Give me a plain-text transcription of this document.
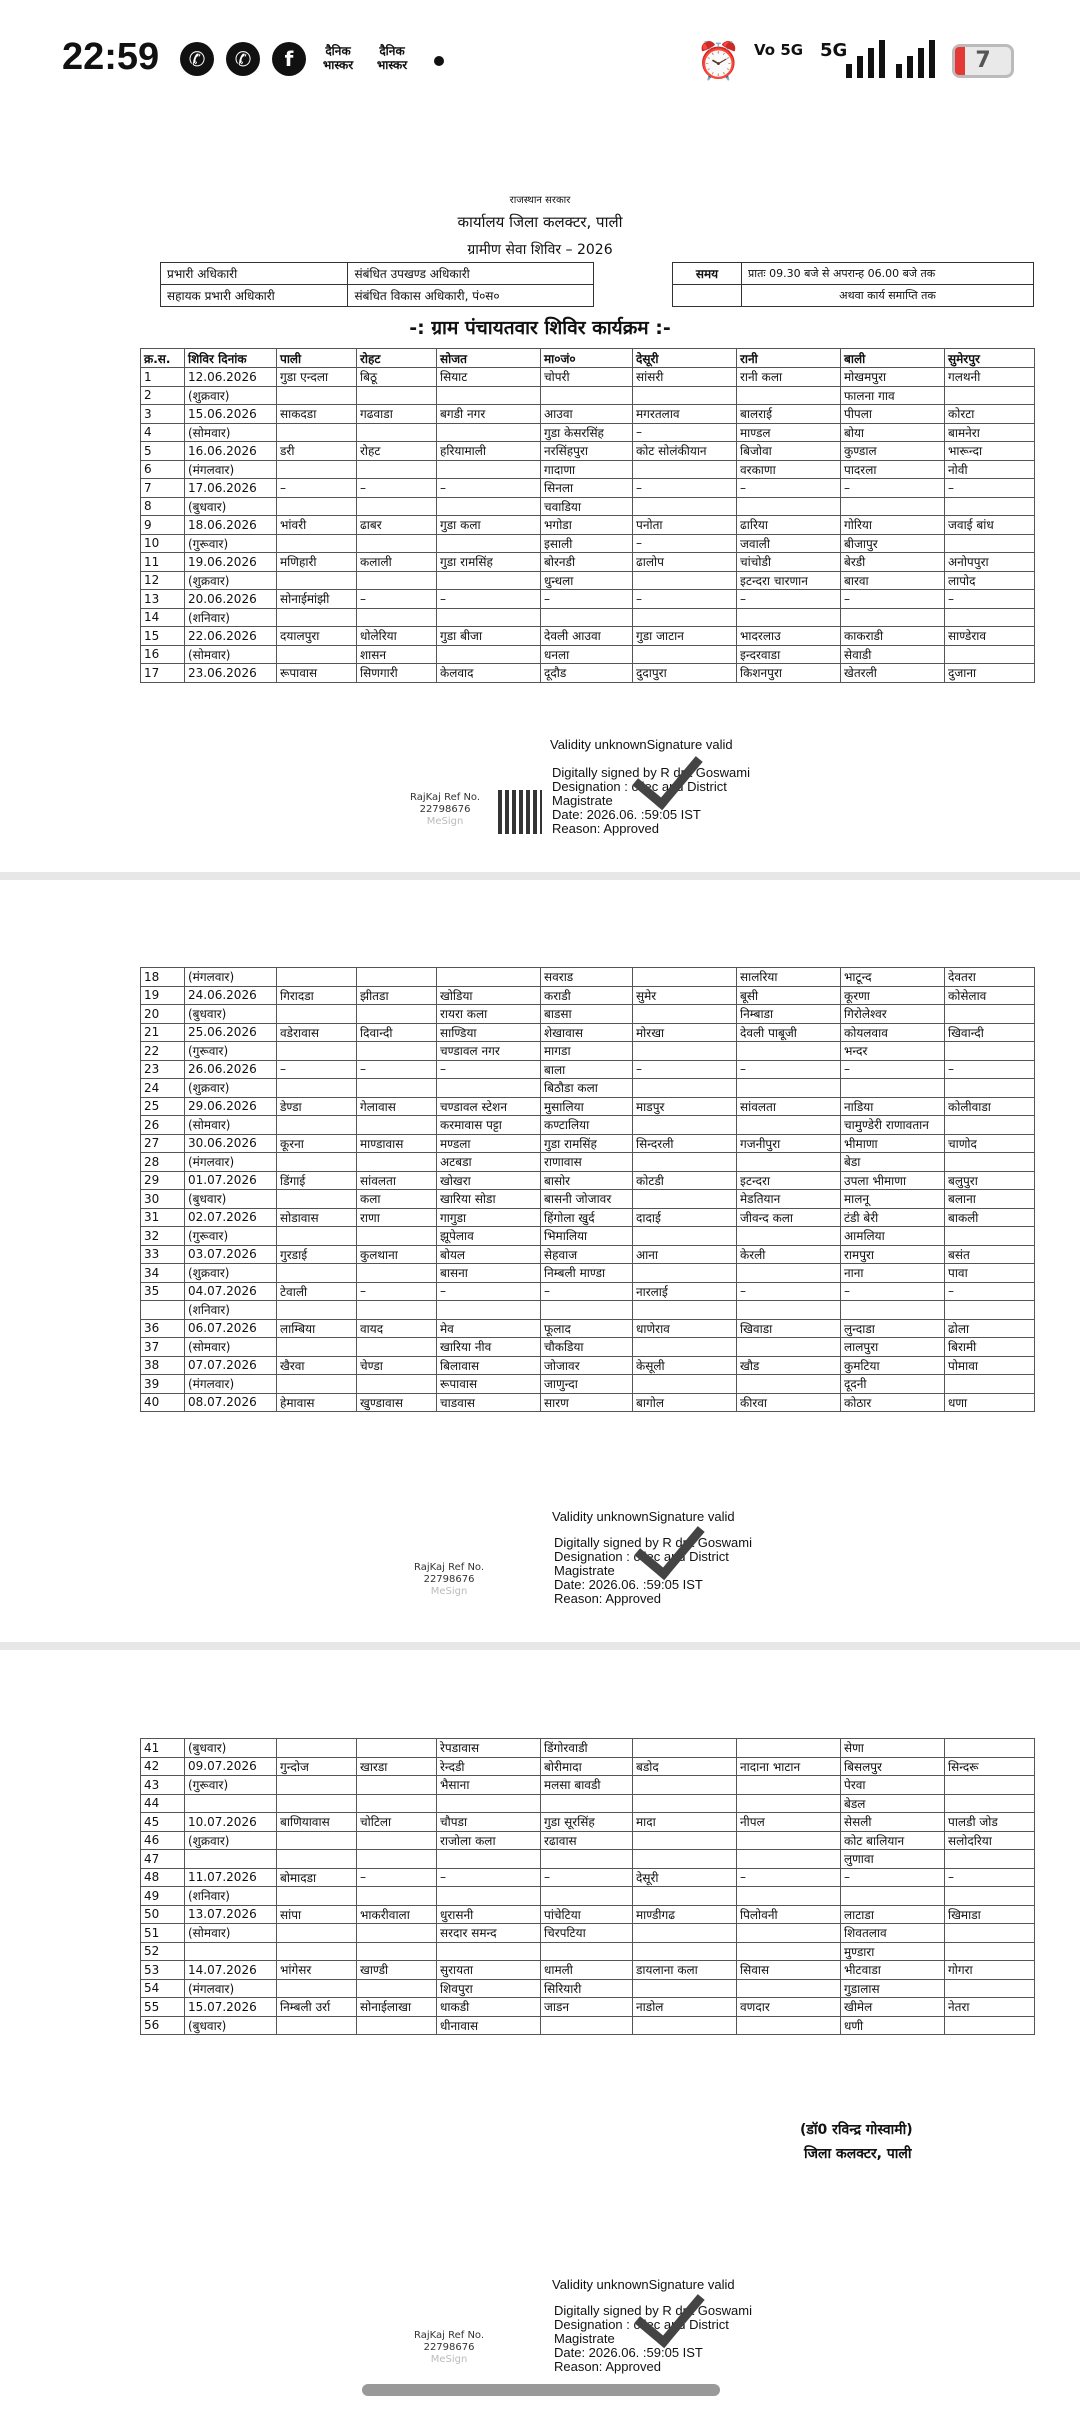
22:59	✆	✆	f	दैनिक भास्कर
दैनिक भास्कर	⏰ Vo 5G 5G	7
राजस्थान सरकार
कार्यालय जिला कलक्टर, पाली
ग्रामीण सेवा शिविर – 2026
प्रभारी अधिकारी	संबंधित उपखण्ड अधिकारी
सहायक प्रभारी अधिकारी	संबंधित विकास अधिकारी, पं०स०
समय	प्रातः 09.30 बजे से अपरान्ह 06.00 बजे तक
	अथवा कार्य समाप्ति तक
-: ग्राम पंचायतवार शिविर कार्यक्रम :-
क्र.स.	शिविर दिनांक	पाली	रोहट	सोजत	मा०जं०	देसूरी	रानी	बाली	सुमेरपुर
1	12.06.2026	गुडा एन्दला	बिठू	सियाट	चोपरी	सांसरी	रानी कला	मोखमपुरा	गलथनी
2	(शुक्रवार)							फालना गाव	
3	15.06.2026	साकदडा	गढवाडा	बगडी नगर	आउवा	मगरतलाव	बालराई	पीपला	कोरटा
4	(सोमवार)				गुडा केसरसिंह	–	माण्डल	बोया	बामनेरा
5	16.06.2026	डरी	रोहट	हरियामाली	नरसिंहपुरा	कोट सोलंकीयान	बिजोवा	कुण्डाल	भारून्दा
6	(मंगलवार)				गादाणा		वरकाणा	पादरला	नोवी
7	17.06.2026	–	–	–	सिनला	–	–	–	–
8	(बुधवार)				चवाडिया				
9	18.06.2026	भांवरी	ढाबर	गुडा कला	भगोडा	पनोता	ढारिया	गोरिया	जवाई बांध
10	(गुरूवार)				इसाली	–	जवाली	बीजापुर	
11	19.06.2026	मणिहारी	कलाली	गुडा रामसिंह	बोरनडी	ढालोप	चांचोडी	बेरडी	अनोपपुरा
12	(शुक्रवार)				धुन्धला		इटन्दरा चारणान	बारवा	लापोद
13	20.06.2026	सोनाईमांझी	–	–	–	–	–	–	–
14	(शनिवार)								
15	22.06.2026	दयालपुरा	धोलेरिया	गुडा बीजा	देवली आउवा	गुडा जाटान	भादरलाउ	काकराडी	साण्डेराव
16	(सोमवार)		शासन		धनला		इन्दरवाडा	सेवाडी	
17	23.06.2026	रूपावास	सिणगारी	केलवाद	दूदौड	दुदापुरा	किशनपुरा	खेतरली	दुजाना
Validity unknownSignature valid
Digitally signed by R dra Goswami
Designation : ollec and District
Magistrate
Date: 2026.06. :59:05 IST
Reason: Approved
RajKaj Ref No.
22798676
MeSign
18	(मंगलवार)				सवराड		सालरिया	भाटून्द	देवतरा
19	24.06.2026	गिरादडा	झीतडा	खोडिया	कराडी	सुमेर	बूसी	कूरणा	कोसेलाव
20	(बुधवार)			रायरा कला	बाडसा		निम्बाडा	गिरोलेश्वर	
21	25.06.2026	वडेरावास	दिवान्दी	साण्डिया	शेखावास	मोरखा	देवली पाबूजी	कोयलवाव	खिवान्दी
22	(गुरूवार)			चण्डावल नगर	मागडा			भन्दर	
23	26.06.2026	–	–	–	बाला	–	–	–	–
24	(शुक्रवार)				बिठौडा कला				
25	29.06.2026	डेण्डा	गेलावास	चण्डावल स्टेशन	मुसालिया	माडपुर	सांवलता	नाडिया	कोलीवाडा
26	(सोमवार)			करमावास पट्टा	कण्टालिया			चामुण्डेरी राणावतान	
27	30.06.2026	कूरना	माण्डावास	मण्डला	गुडा रामसिंह	सिन्दरली	गजनीपुरा	भीमाणा	चाणोद
28	(मंगलवार)			अटबडा	राणावास			बेडा	
29	01.07.2026	डिंगाई	सांवलता	खोखरा	बासोर	कोटडी	इटन्दरा	उपला भीमाणा	बलुपुरा
30	(बुधवार)		कला	खारिया सोडा	बासनी जोजावर		मेडतियान	मालनू	बलाना
31	02.07.2026	सोडावास	राणा	गागुडा	हिंगोला खुर्द	दादाई	जीवन्द कला	टंडी बेरी	बाकली
32	(गुरूवार)			झूपेलाव	भिमालिया			आमलिया	
33	03.07.2026	गुरडाई	कुलथाना	बोयल	सेहवाज	आना	केरली	रामपुरा	बसंत
34	(शुक्रवार)			बासना	निम्बली माण्डा			नाना	पावा
35	04.07.2026	टेवाली	–	–	–	नारलाई	–	–	–
	(शनिवार)								
36	06.07.2026	लाम्बिया	वायद	मेव	फूलाद	धाणेराव	खिवाडा	लुन्दाडा	ढोला
37	(सोमवार)			खारिया नीव	चौकडिया			लालपुरा	बिरामी
38	07.07.2026	खैरवा	चेण्डा	बिलावास	जोजावर	केसूली	खौड	कुमटिया	पोमावा
39	(मंगलवार)			रूपावास	जाणुन्दा			दूदनी	
40	08.07.2026	हेमावास	खुण्डावास	चाडवास	सारण	बागोल	कीरवा	कोठार	धणा
Validity unknownSignature valid
Digitally signed by R dra Goswami
Designation : ollec and District
Magistrate
Date: 2026.06. :59:05 IST
Reason: Approved
RajKaj Ref No.
22798676
MeSign
41	(बुधवार)			रेपडावास	डिंगोरवाडी			सेणा	
42	09.07.2026	गुन्दोज	खारडा	रेन्दडी	बोरीमादा	बडोद	नादाना भाटान	बिसलपुर	सिन्दरू
43	(गुरूवार)			भैसाना	मलसा बावडी			पेरवा	
44								बेडल	
45	10.07.2026	बाणियावास	चोटिला	चौपडा	गुडा सूरसिंह	मादा	नीपल	सेसली	पालडी जोड
46	(शुक्रवार)			राजोला कला	रढावास			कोट बालियान	सलोदरिया
47								लुणावा	
48	11.07.2026	बोमादडा	–	–	–	देसूरी	–	–	–
49	(शनिवार)								
50	13.07.2026	सांपा	भाकरीवाला	धुरासनी	पांचेटिया	माण्डीगढ	पिलोवनी	लाटाडा	खिमाडा
51	(सोमवार)			सरदार समन्द	चिरपटिया			शिवतलाव	
52								मुण्डारा	
53	14.07.2026	भांगेसर	खाण्डी	सुरायता	धामली	डायलाना कला	सिवास	भीटवाडा	गोगरा
54	(मंगलवार)			शिवपुरा	सिरियारी			गुडालास	
55	15.07.2026	निम्बली उर्रा	सोनाईलाखा	धाकडी	जाडन	नाडोल	वणदार	खीमेल	नेतरा
56	(बुधवार)			धीनावास				धणी	
(डॉ0 रविन्द्र गोस्वामी)
जिला कलक्टर, पाली
Validity unknownSignature valid
Digitally signed by R dra Goswami
Designation : ollec and District
Magistrate
Date: 2026.06. :59:05 IST
Reason: Approved
RajKaj Ref No.
22798676
MeSign
